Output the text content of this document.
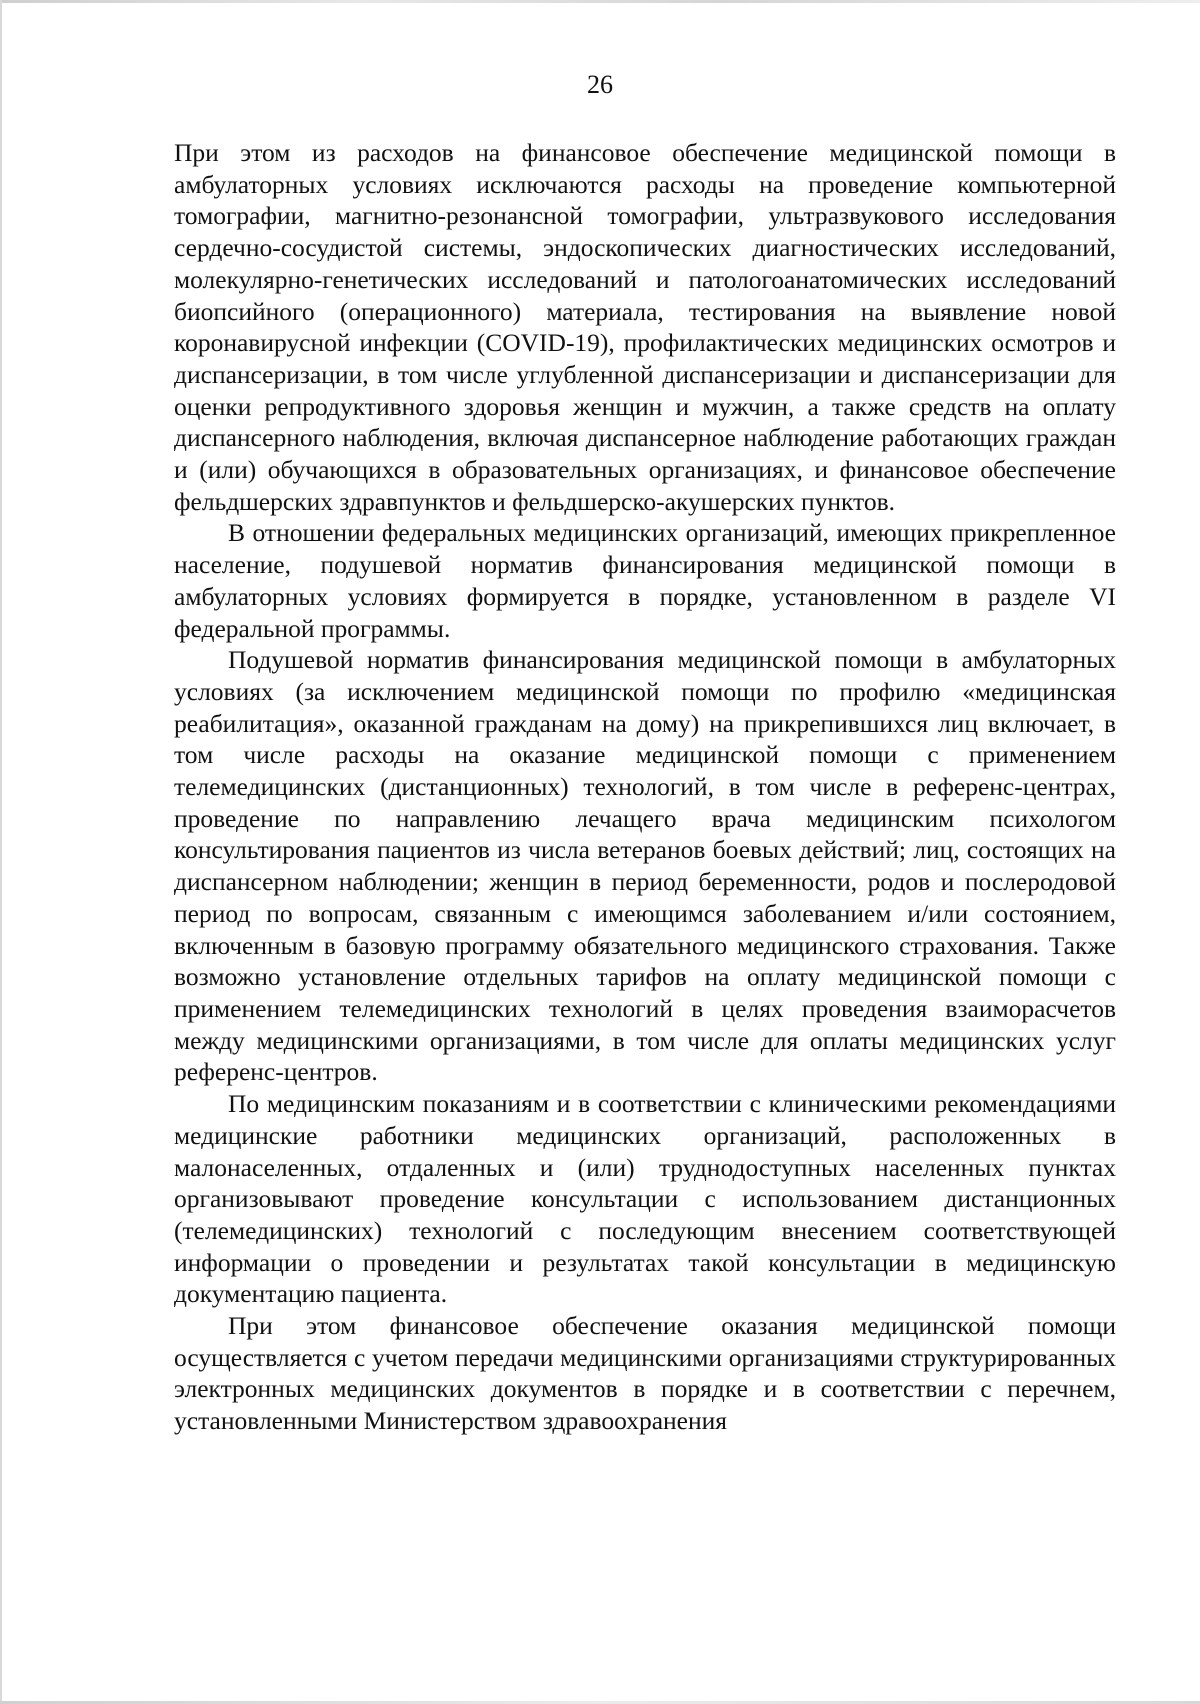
26

При этом из расходов на финансовое обеспечение медицинской помощи в амбулаторных условиях исключаются расходы на проведение компьютерной томографии, магнитно-резонансной томографии, ультразвукового исследования сердечно-сосудистой системы, эндоскопических диагностических исследований, молекулярно-генетических исследований и патологоанатомических исследований биопсийного (операционного) материала, тестирования на выявление новой коронавирусной инфекции (COVID-19), профилактических медицинских осмотров и диспансеризации, в том числе углубленной диспансеризации и диспансеризации для оценки репродуктивного здоровья женщин и мужчин, а также средств на оплату диспансерного наблюдения, включая диспансерное наблюдение работающих граждан и (или) обучающихся в образовательных организациях, и финансовое обеспечение фельдшерских здравпунктов и фельдшерско-акушерских пунктов.

В отношении федеральных медицинских организаций, имеющих прикрепленное население, подушевой норматив финансирования медицинской помощи в амбулаторных условиях формируется в порядке, установленном в разделе VI федеральной программы.

Подушевой норматив финансирования медицинской помощи в амбулаторных условиях (за исключением медицинской помощи по профилю «медицинская реабилитация», оказанной гражданам на дому) на прикрепившихся лиц включает, в том числе расходы на оказание медицинской помощи с применением телемедицинских (дистанционных) технологий, в том числе в референс-центрах, проведение по направлению лечащего врача медицинским психологом консультирования пациентов из числа ветеранов боевых действий; лиц, состоящих на диспансерном наблюдении; женщин в период беременности, родов и послеродовой период по вопросам, связанным с имеющимся заболеванием и/или состоянием, включенным в базовую программу обязательного медицинского страхования. Также возможно установление отдельных тарифов на оплату медицинской помощи с применением телемедицинских технологий в целях проведения взаиморасчетов между медицинскими организациями, в том числе для оплаты медицинских услуг референс-центров.

По медицинским показаниям и в соответствии с клиническими рекомендациями медицинские работники медицинских организаций, расположенных в малонаселенных, отдаленных и (или) труднодоступных населенных пунктах организовывают проведение консультации с использованием дистанционных (телемедицинских) технологий с последующим внесением соответствующей информации о проведении и результатах такой консультации в медицинскую документацию пациента.

При этом финансовое обеспечение оказания медицинской помощи осуществляется с учетом передачи медицинскими организациями структурированных электронных медицинских документов в порядке и в соответствии с перечнем, установленными Министерством здравоохранения
